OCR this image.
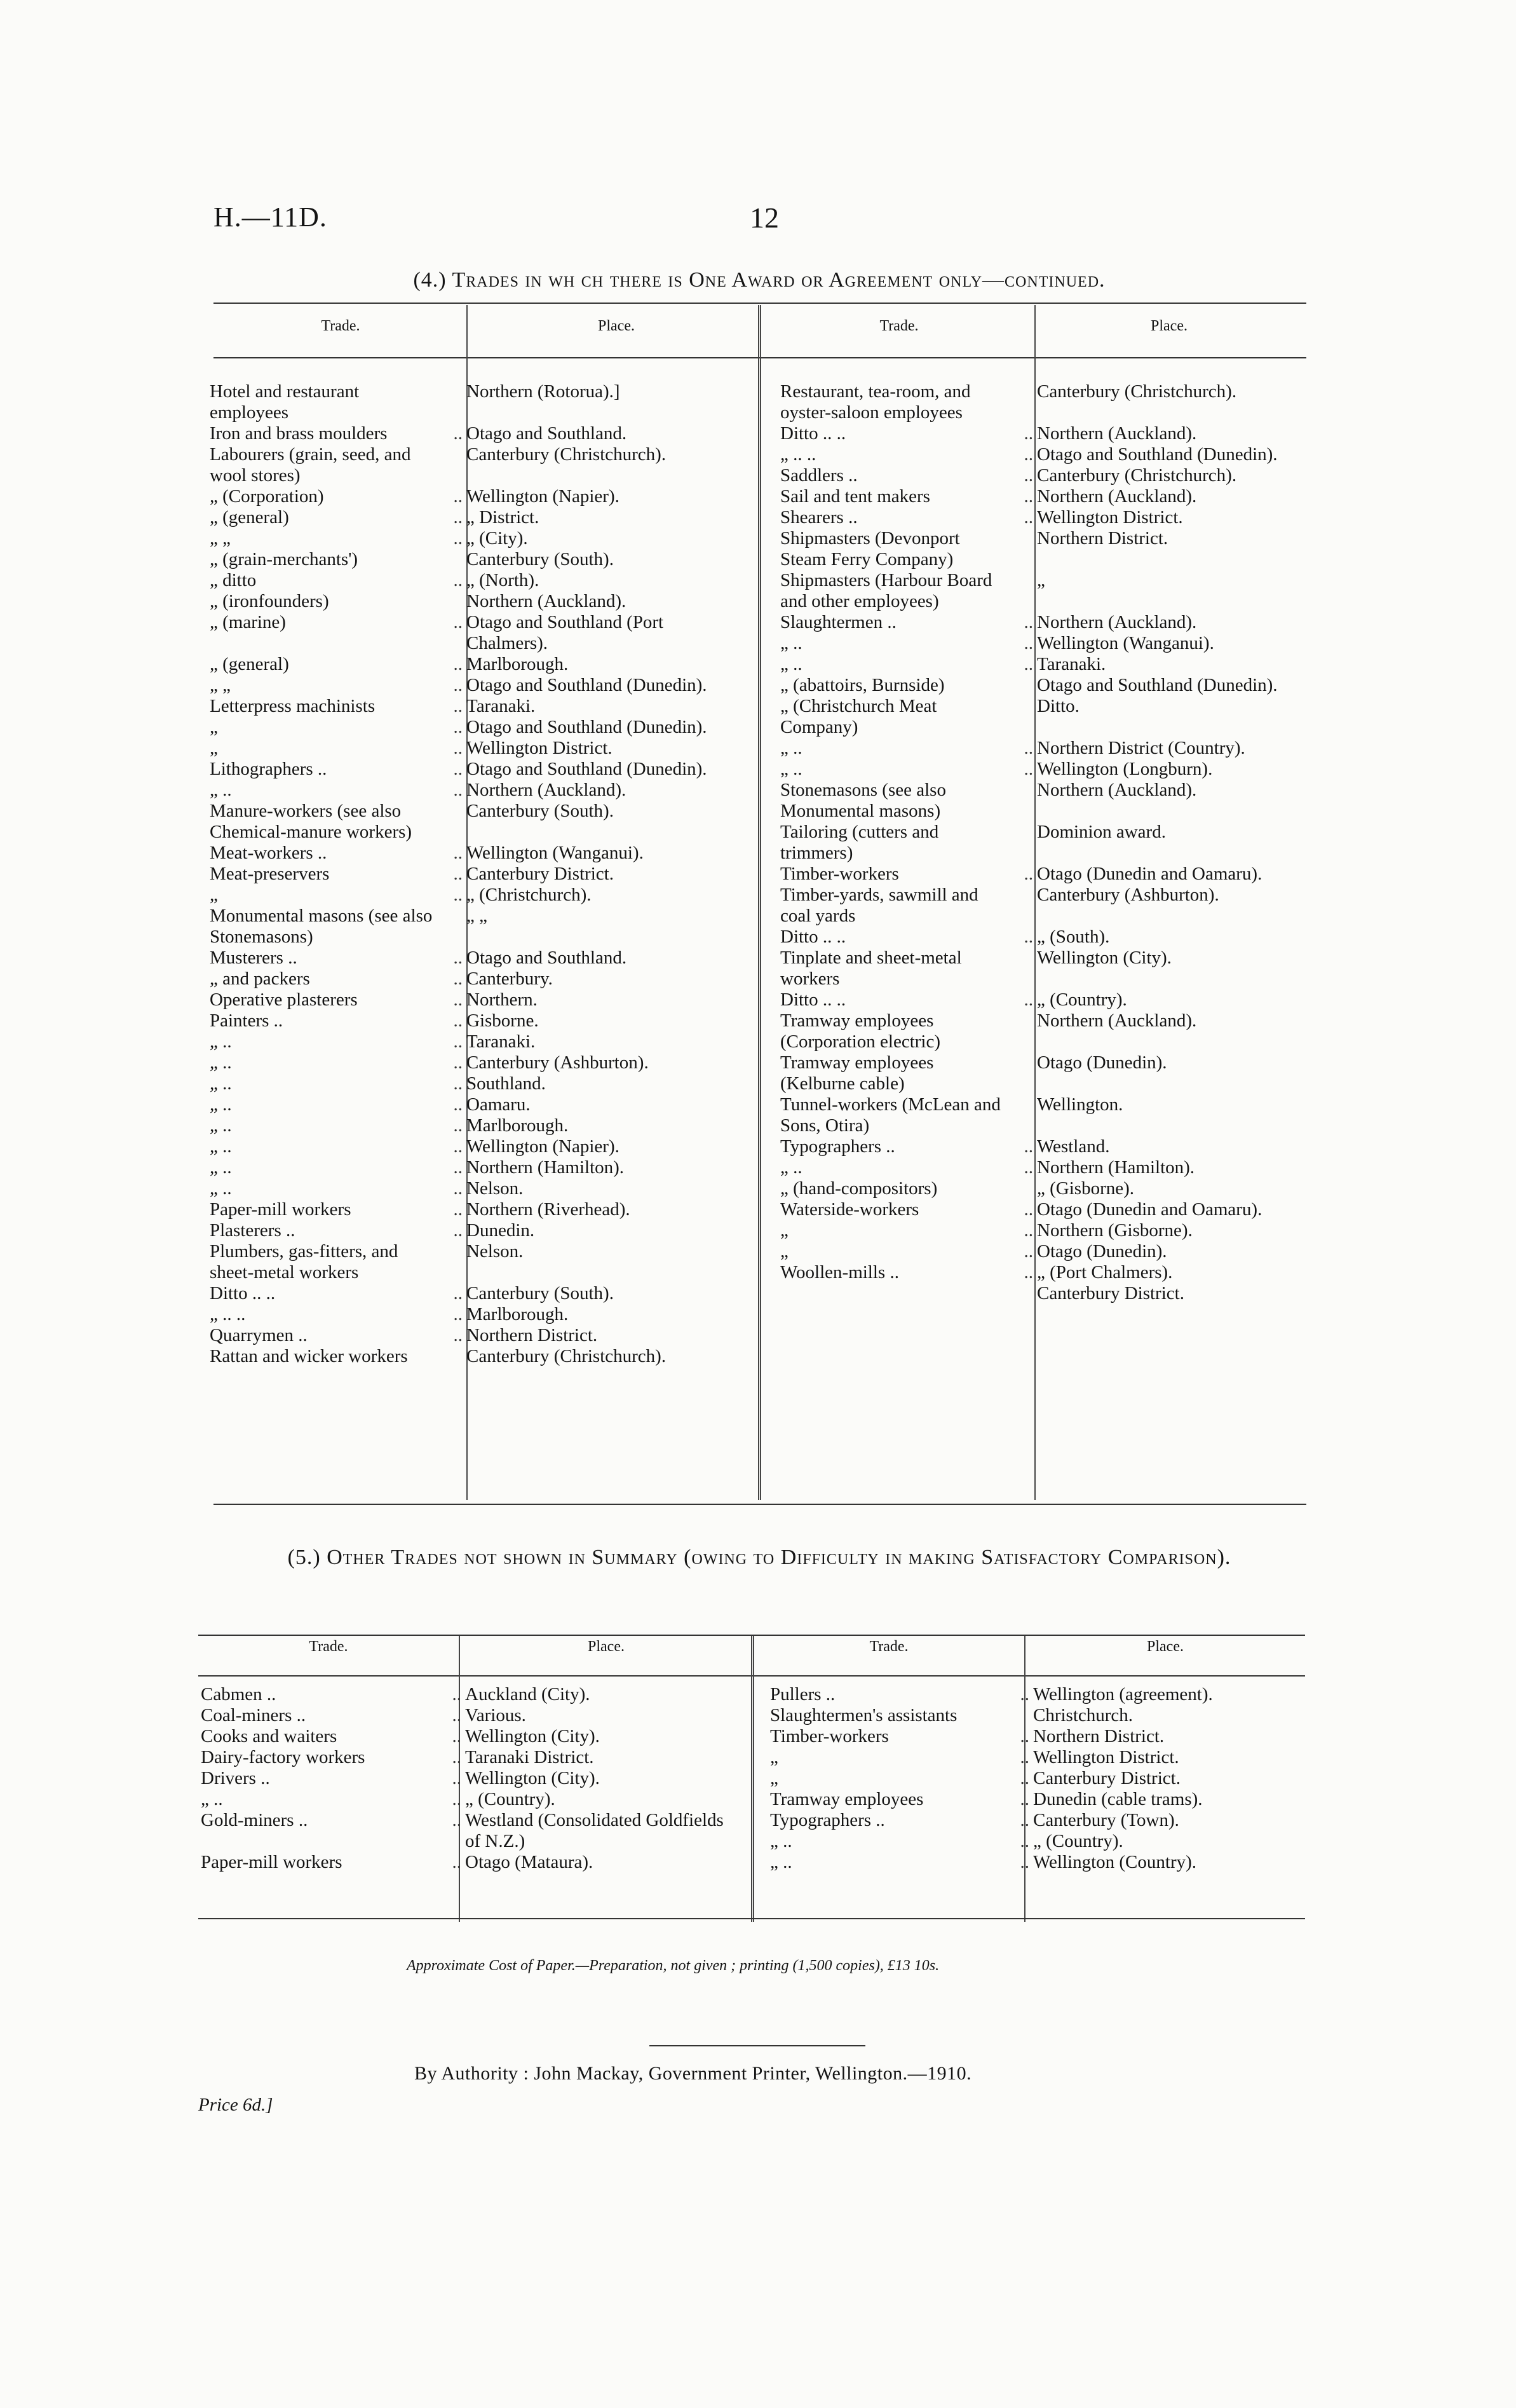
H.—11D.	12
(4.) Trades in wh ch there is One Award or Agreement only—continued.
Trade.	Place.	Trade.	Place.
Hotel and restaurant employees		Northern (Rotorua).]
Iron and brass moulders	..	Otago and Southland.
Labourers (grain, seed, and wool stores)		Canterbury (Christchurch).
„ (Corporation)	..	Wellington (Napier).
„ (general)	..	„ District.
„ „	..	„ (City).
„ (grain-merchants')		Canterbury (South).
„ ditto	..	„ (North).
„ (ironfounders)		Northern (Auckland).
„ (marine)	..	Otago and Southland (Port Chalmers).
„ (general)	..	Marlborough.
„ „	..	Otago and Southland (Dunedin).
Letterpress machinists	..	Taranaki.
„	..	Otago and Southland (Dunedin).
„	..	Wellington District.
Lithographers ..	..	Otago and Southland (Dunedin).
„ ..	..	Northern (Auckland).
Manure-workers (see also Chemical-manure workers)		Canterbury (South).
Meat-workers ..	..	Wellington (Wanganui).
Meat-preservers	..	Canterbury District.
„	..	„ (Christchurch).
Monumental masons (see also Stonemasons)		„ „
Musterers ..	..	Otago and Southland.
„ and packers	..	Canterbury.
Operative plasterers	..	Northern.
Painters ..	..	Gisborne.
„ ..	..	Taranaki.
„ ..	..	Canterbury (Ashburton).
„ ..	..	Southland.
„ ..	..	Oamaru.
„ ..	..	Marlborough.
„ ..	..	Wellington (Napier).
„ ..	..	Northern (Hamilton).
„ ..	..	Nelson.
Paper-mill workers	..	Northern (Riverhead).
Plasterers ..	..	Dunedin.
Plumbers, gas-fitters, and sheet-metal workers		Nelson.
Ditto .. ..	..	Canterbury (South).
„ .. ..	..	Marlborough.
Quarrymen ..	..	Northern District.
Rattan and wicker workers		Canterbury (Christchurch).
Restaurant, tea-room, and oyster-saloon employees		Canterbury (Christchurch).
Ditto .. ..	..	Northern (Auckland).
„ .. ..	..	Otago and Southland (Dunedin).
Saddlers ..	..	Canterbury (Christchurch).
Sail and tent makers	..	Northern (Auckland).
Shearers ..	..	Wellington District.
Shipmasters (Devonport Steam Ferry Company)		Northern District.
Shipmasters (Harbour Board and other employees)		„
Slaughtermen ..	..	Northern (Auckland).
„ ..	..	Wellington (Wanganui).
„ ..	..	Taranaki.
„ (abattoirs, Burnside)		Otago and Southland (Dunedin).
„ (Christchurch Meat Company)		Ditto.
„ ..	..	Northern District (Country).
„ ..	..	Wellington (Longburn).
Stonemasons (see also Monumental masons)		Northern (Auckland).
Tailoring (cutters and trimmers)		Dominion award.
Timber-workers	..	Otago (Dunedin and Oamaru).
Timber-yards, sawmill and coal yards		Canterbury (Ashburton).
Ditto .. ..	..	„ (South).
Tinplate and sheet-metal workers		Wellington (City).
Ditto .. ..	..	„ (Country).
Tramway employees (Corporation electric)		Northern (Auckland).
Tramway employees (Kelburne cable)		Otago (Dunedin).
Tunnel-workers (McLean and Sons, Otira)		Wellington.
Typographers ..	..	Westland.
„ ..	..	Northern (Hamilton).
„ (hand-compositors)		„ (Gisborne).
Waterside-workers	..	Otago (Dunedin and Oamaru).
„	..	Northern (Gisborne).
„	..	Otago (Dunedin).
Woollen-mills ..	..	„ (Port Chalmers).
		Canterbury District.
(5.) Other Trades not shown in Summary (owing to Difficulty in making Satisfactory Comparison).
Trade.	Place.	Trade.	Place.
Cabmen ..	..	Auckland (City).
Coal-miners ..	..	Various.
Cooks and waiters	..	Wellington (City).
Dairy-factory workers	..	Taranaki District.
Drivers ..	..	Wellington (City).
„ ..	..	„ (Country).
Gold-miners ..	..	Westland (Consolidated Goldfields of N.Z.)
Paper-mill workers	..	Otago (Mataura).
Pullers ..	..	Wellington (agreement).
Slaughtermen's assistants		Christchurch.
Timber-workers	..	Northern District.
„	..	Wellington District.
„	..	Canterbury District.
Tramway employees	..	Dunedin (cable trams).
Typographers ..	..	Canterbury (Town).
„ ..	..	„ (Country).
„ ..	..	Wellington (Country).
Approximate Cost of Paper.—Preparation, not given ; printing (1,500 copies), £13 10s.
By Authority : John Mackay, Government Printer, Wellington.—1910.
Price 6d.]
